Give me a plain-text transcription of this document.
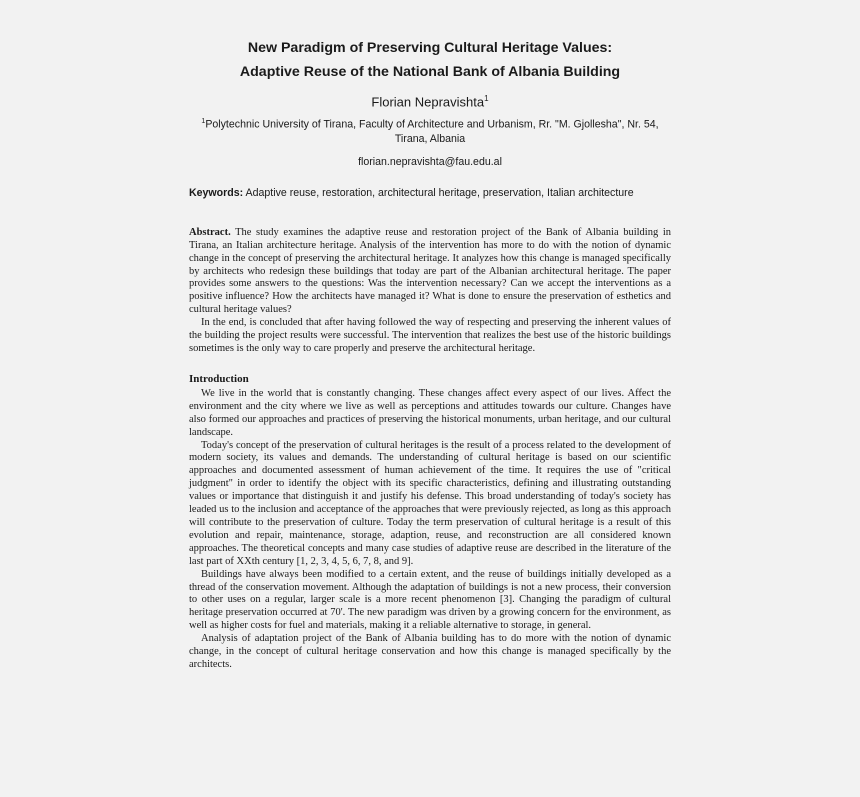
New Paradigm of Preserving Cultural Heritage Values:
Adaptive Reuse of the National Bank of Albania Building
Florian Nepravishta$^1$
$^1$Polytechnic University of Tirana, Faculty of Architecture and Urbanism, Rr. "M. Gjollesha", Nr. 54, Tirana, Albania
florian.nepravishta@fau.edu.al
Keywords: Adaptive reuse, restoration, architectural heritage, preservation, Italian architecture

Abstract. The study examines the adaptive reuse and restoration project of the Bank of Albania building in Tirana, an Italian architecture heritage. Analysis of the intervention has more to do with the notion of dynamic change in the concept of preserving the architectural heritage. It analyzes how this change is managed specifically by architects who redesign these buildings that today are part of the Albanian architectural heritage. The paper provides some answers to the questions: Was the intervention necessary? Can we accept the interventions as a positive influence? How the architects have managed it? What is done to ensure the preservation of esthetics and cultural heritage values?

In the end, is concluded that after having followed the way of respecting and preserving the inherent values of the building the project results were successful. The intervention that realizes the best use of the historic buildings sometimes is the only way to care properly and preserve the architectural heritage.

Introduction

We live in the world that is constantly changing. These changes affect every aspect of our lives. Affect the environment and the city where we live as well as perceptions and attitudes towards our culture. Changes have also formed our approaches and practices of preserving the historical monuments, urban heritage, and our cultural landscape.

Today's concept of the preservation of cultural heritages is the result of a process related to the development of modern society, its values and demands. The understanding of cultural heritage is based on our scientific approaches and documented assessment of human achievement of the time. It requires the use of "critical judgment" in order to identify the object with its specific characteristics, defining and illustrating outstanding values or importance that distinguish it and justify his defense. This broad understanding of today's society has leaded us to the inclusion and acceptance of the approaches that were previously rejected, as long as this approach will contribute to the preservation of culture. Today the term preservation of cultural heritage is a result of this evolution and repair, maintenance, storage, adaption, reuse, and reconstruction are all considered known approaches. The theoretical concepts and many case studies of adaptive reuse are described in the literature of the last part of XXth century [1, 2, 3, 4, 5, 6, 7, 8, and 9].

Buildings have always been modified to a certain extent, and the reuse of buildings initially developed as a thread of the conservation movement. Although the adaptation of buildings is not a new process, their conversion to other uses on a regular, larger scale is a more recent phenomenon [3]. Changing the paradigm of cultural heritage preservation occurred at 70'. The new paradigm was driven by a growing concern for the environment, as well as higher costs for fuel and materials, making it a reliable alternative to storage, in general.

Analysis of adaptation project of the Bank of Albania building has to do more with the notion of dynamic change, in the concept of cultural heritage conservation and how this change is managed specifically by the architects.
